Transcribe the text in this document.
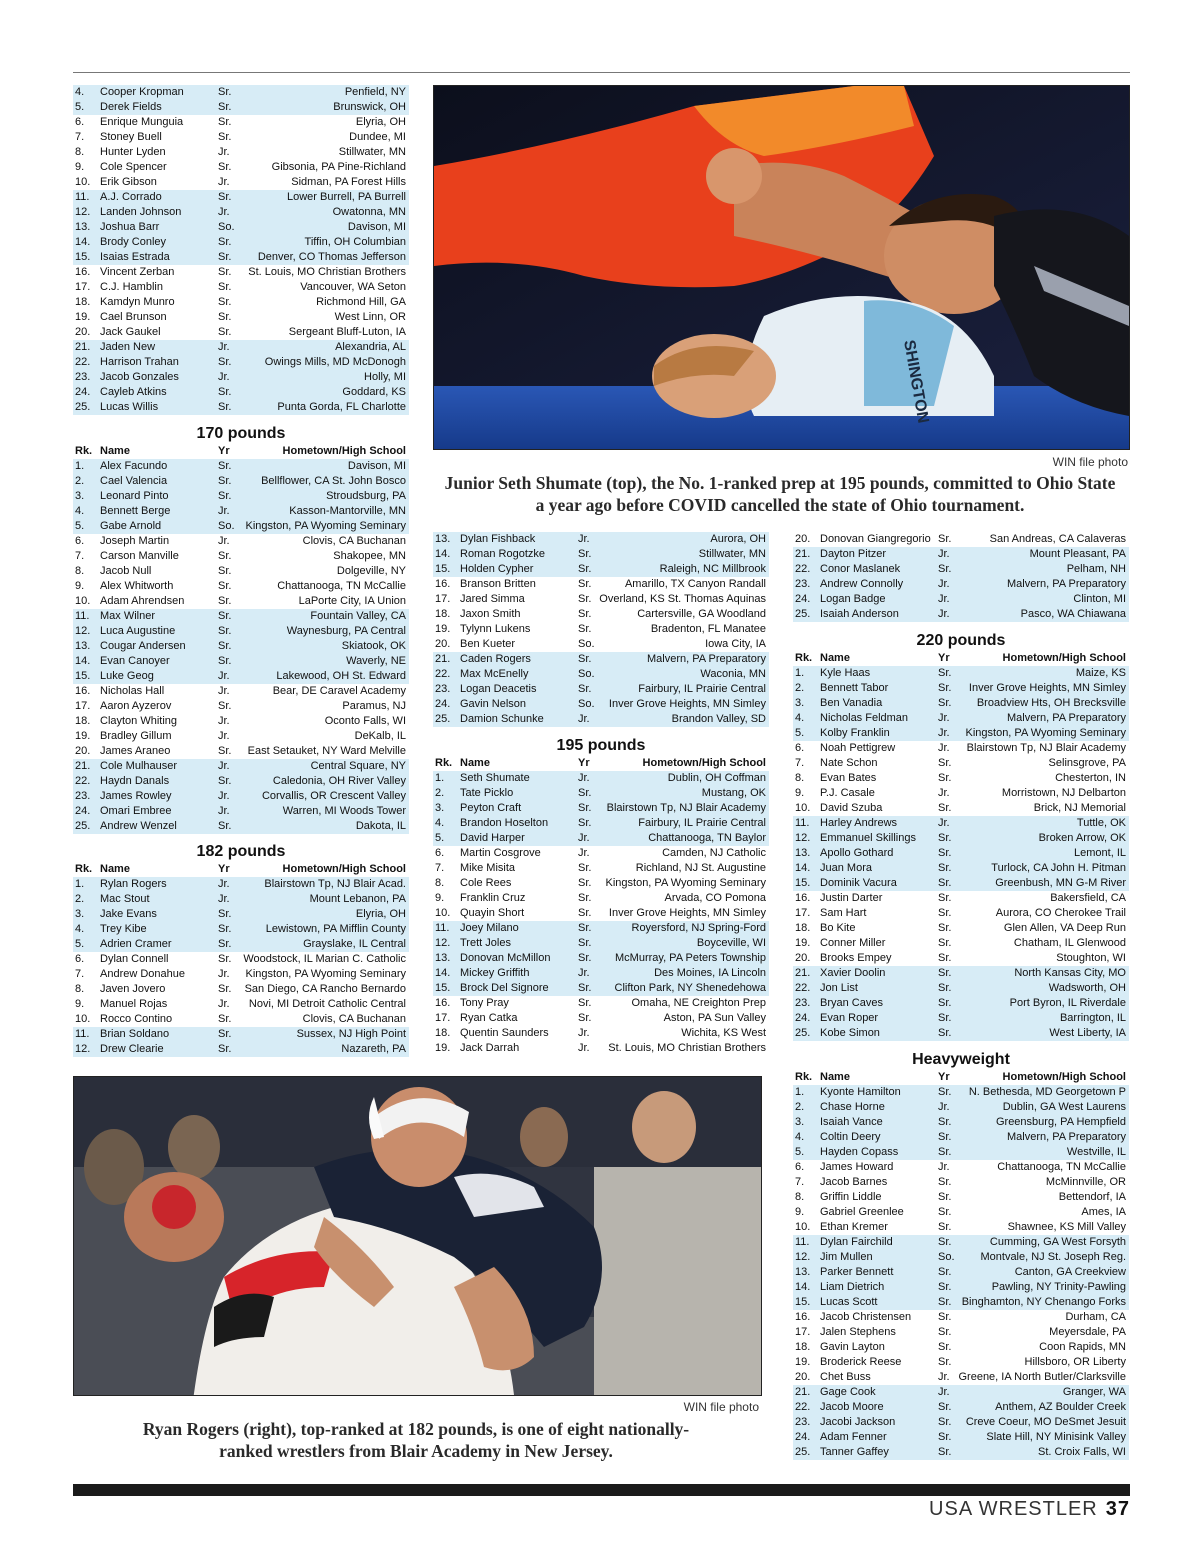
4. Cooper Kropman	Sr.	Penfield, NY
5. Derek Fields	Sr.	Brunswick, OH
6. Enrique Munguia	Sr.	Elyria, OH
7. Stoney Buell	Sr.	Dundee, MI
8. Hunter Lyden	Jr.	Stillwater, MN
9. Cole Spencer	Sr.	Gibsonia, PA Pine-Richland
10. Erik Gibson	Jr.	Sidman, PA Forest Hills
11. A.J. Corrado	Sr.	Lower Burrell, PA Burrell
12. Landen Johnson	Jr.	Owatonna, MN
13. Joshua Barr	So.	Davison, MI
14. Brody Conley	Sr.	Tiffin, OH Columbian
15. Isaias Estrada	Sr. Denver, CO Thomas Jefferson
16. Vincent Zerban	Sr. St. Louis, MO Christian Brothers
17. C.J. Hamblin	Sr.	Vancouver, WA Seton
18. Kamdyn Munro	Sr.	Richmond Hill, GA
19. Cael Brunson	Sr.	West Linn, OR
20. Jack Gaukel	Sr.	Sergeant Bluff-Luton, IA
21. Jaden New	Jr.	Alexandria, AL
22. Harrison Trahan	Sr.	Owings Mills, MD McDonogh
23. Jacob Gonzales	Jr.	Holly, MI
24. Cayleb Atkins	Sr.	Goddard, KS
25. Lucas Willis	Sr.	Punta Gorda, FL Charlotte
170 pounds
Rk. Name	Yr	Hometown/High School
1. Alex Facundo	Sr.	Davison, MI
2. Cael Valencia	Sr.	Bellflower, CA St. John Bosco
3. Leonard Pinto	Sr.	Stroudsburg, PA
4. Bennett Berge	Jr.	Kasson-Mantorville, MN
5. Gabe Arnold	So. Kingston, PA Wyoming Seminary
6. Joseph Martin	Jr.	Clovis, CA Buchanan
7. Carson Manville	Sr.	Shakopee, MN
8. Jacob Null	Sr.	Dolgeville, NY
9. Alex Whitworth	Sr.	Chattanooga, TN McCallie
10. Adam Ahrendsen	Sr.	LaPorte City, IA Union
11. Max Wilner	Sr.	Fountain Valley, CA
12. Luca Augustine	Sr.	Waynesburg, PA Central
13. Cougar Andersen	Sr.	Skiatook, OK
14. Evan Canoyer	Sr.	Waverly, NE
15. Luke Geog	Jr.	Lakewood, OH St. Edward
16. Nicholas Hall	Jr.	Bear, DE Caravel Academy
17. Aaron Ayzerov	Sr.	Paramus, NJ
18. Clayton Whiting	Jr.	Oconto Falls, WI
19. Bradley Gillum	Jr.	DeKalb, IL
20. James Araneo	Sr. East Setauket, NY Ward Melville
21. Cole Mulhauser	Jr.	Central Square, NY
22. Haydn Danals	Sr.	Caledonia, OH River Valley
23. James Rowley	Jr.	Corvallis, OR Crescent Valley
24. Omari Embree	Jr.	Warren, MI Woods Tower
25. Andrew Wenzel	Sr.	Dakota, IL
182 pounds
Rk. Name	Yr	Hometown/High School
1. Rylan Rogers	Jr.	Blairstown Tp, NJ Blair Acad.
2. Mac Stout	Jr.	Mount Lebanon, PA
3. Jake Evans	Sr.	Elyria, OH
4. Trey Kibe	Sr.	Lewistown, PA Mifflin County
5. Adrien Cramer	Sr.	Grayslake, IL Central
6. Dylan Connell	Sr. Woodstock, IL Marian C. Catholic
7. Andrew Donahue	Jr. Kingston, PA Wyoming Seminary
8. Javen Jovero	Sr. San Diego, CA Rancho Bernardo
9. Manuel Rojas	Jr. Novi, MI Detroit Catholic Central
10. Rocco Contino	Sr.	Clovis, CA Buchanan
11. Brian Soldano	Sr.	Sussex, NJ High Point
12. Drew Clearie	Sr.	Nazareth, PA
13. Dylan Fishback	Jr.	Aurora, OH
14. Roman Rogotzke	Sr.	Stillwater, MN
15. Holden Cypher	Sr.	Raleigh, NC Millbrook
16. Branson Britten	Sr.	Amarillo, TX Canyon Randall
17. Jared Simma	Sr. Overland, KS St. Thomas Aquinas
18. Jaxon Smith	Sr.	Cartersville, GA Woodland
19. Tylynn Lukens	Sr.	Bradenton, FL Manatee
20. Ben Kueter	So.	Iowa City, IA
21. Caden Rogers	Sr.	Malvern, PA Preparatory
22. Max McEnelly	So.	Waconia, MN
23. Logan Deacetis	Sr.	Fairbury, IL Prairie Central
24. Gavin Nelson	So. Inver Grove Heights, MN Simley
25. Damion Schunke	Jr.	Brandon Valley, SD
195 pounds
Rk. Name	Yr	Hometown/High School
1. Seth Shumate	Jr.	Dublin, OH Coffman
2. Tate Picklo	Sr.	Mustang, OK
3. Peyton Craft	Sr. Blairstown Tp, NJ Blair Academy
4. Brandon Hoselton	Sr.	Fairbury, IL Prairie Central
5. David Harper	Jr.	Chattanooga, TN Baylor
6. Martin Cosgrove	Jr.	Camden, NJ Catholic
7. Mike Misita	Sr.	Richland, NJ St. Augustine
8. Cole Rees	Sr. Kingston, PA Wyoming Seminary
9. Franklin Cruz	Sr.	Arvada, CO Pomona
10. Quayin Short	Sr. Inver Grove Heights, MN Simley
11. Joey Milano	Sr.	Royersford, NJ Spring-Ford
12. Trett Joles	Sr.	Boyceville, WI
13. Donovan McMillon	Sr. McMurray, PA Peters Township
14. Mickey Griffith	Jr.	Des Moines, IA Lincoln
15. Brock Del Signore	Sr. Clifton Park, NY Shenedehowa
16. Tony Pray	Sr.	Omaha, NE Creighton Prep
17. Ryan Catka	Sr.	Aston, PA Sun Valley
18. Quentin Saunders	Jr.	Wichita, KS West
19. Jack Darrah	Jr. St. Louis, MO Christian Brothers
20. Donovan Giangregorio Sr.	San Andreas, CA Calaveras
21. Dayton Pitzer	Jr.	Mount Pleasant, PA
22. Conor Maslanek	Sr.	Pelham, NH
23. Andrew Connolly	Jr.	Malvern, PA Preparatory
24. Logan Badge	Jr.	Clinton, MI
25. Isaiah Anderson	Jr.	Pasco, WA Chiawana
220 pounds
Rk. Name	Yr	Hometown/High School
1. Kyle Haas	Sr.	Maize, KS
2. Bennett Tabor	Sr. Inver Grove Heights, MN Simley
3. Ben Vanadia	Sr. Broadview Hts, OH Brecksville
4. Nicholas Feldman	Jr.	Malvern, PA Preparatory
5. Kolby Franklin	Jr. Kingston, PA Wyoming Seminary
6. Noah Pettigrew	Jr. Blairstown Tp, NJ Blair Academy
7. Nate Schon	Sr.	Selinsgrove, PA
8. Evan Bates	Sr.	Chesterton, IN
9. P.J. Casale	Jr.	Morristown, NJ Delbarton
10. David Szuba	Sr.	Brick, NJ Memorial
11. Harley Andrews	Jr.	Tuttle, OK
12. Emmanuel Skillings Sr.	Broken Arrow, OK
13. Apollo Gothard	Sr.	Lemont, IL
14. Juan Mora	Sr.	Turlock, CA John H. Pitman
15. Dominik Vacura	Sr.	Greenbush, MN G-M River
16. Justin Darter	Sr.	Bakersfield, CA
17. Sam Hart	Sr.	Aurora, CO Cherokee Trail
18. Bo Kite	Sr.	Glen Allen, VA Deep Run
19. Conner Miller	Sr.	Chatham, IL Glenwood
20. Brooks Empey	Sr.	Stoughton, WI
21. Xavier Doolin	Sr.	North Kansas City, MO
22. Jon List	Sr.	Wadsworth, OH
23. Bryan Caves	Sr.	Port Byron, IL Riverdale
24. Evan Roper	Sr.	Barrington, IL
25. Kobe Simon	Sr.	West Liberty, IA
Heavyweight
Rk. Name	Yr	Hometown/High School
1. Kyonte Hamilton	Sr. N. Bethesda, MD Georgetown P
2. Chase Horne	Jr.	Dublin, GA West Laurens
3. Isaiah Vance	Sr.	Greensburg, PA Hempfield
4. Coltin Deery	Sr.	Malvern, PA Preparatory
5. Hayden Copass	Sr.	Westville, IL
6. James Howard	Jr.	Chattanooga, TN McCallie
7. Jacob Barnes	Sr.	McMinnville, OR
8. Griffin Liddle	Sr.	Bettendorf, IA
9. Gabriel Greenlee	Sr.	Ames, IA
10. Ethan Kremer	Sr.	Shawnee, KS Mill Valley
11. Dylan Fairchild	Sr.	Cumming, GA West Forsyth
12. Jim Mullen	So. Montvale, NJ St. Joseph Reg.
13. Parker Bennett	Sr.	Canton, GA Creekview
14. Liam Dietrich	Sr.	Pawling, NY Trinity-Pawling
15. Lucas Scott	Sr. Binghamton, NY Chenango Forks
16. Jacob Christensen Sr.	Durham, CA
17. Jalen Stephens	Sr.	Meyersdale, PA
18. Gavin Layton	Sr.	Coon Rapids, MN
19. Broderick Reese	Sr.	Hillsboro, OR Liberty
20. Chet Buss	Jr. Greene, IA North Butler/Clarksville
21. Gage Cook	Jr.	Granger, WA
22. Jacob Moore	Sr.	Anthem, AZ Boulder Creek
23. Jacobi Jackson	Sr. Creve Coeur, MO DeSmet Jesuit
24. Adam Fenner	Sr.	Slate Hill, NY Minisink Valley
25. Tanner Gaffey	Sr.	St. Croix Falls, WI
SHINGTON
WIN file photo
Junior Seth Shumate (top), the No. 1-ranked prep at 195 pounds, committed to Ohio State a year ago before COVID cancelled the state of Ohio tournament.
WIN file photo
Ryan Rogers (right), top-ranked at 182 pounds, is one of eight nationally-ranked wrestlers from Blair Academy in New Jersey.
USA WRESTLER 37
